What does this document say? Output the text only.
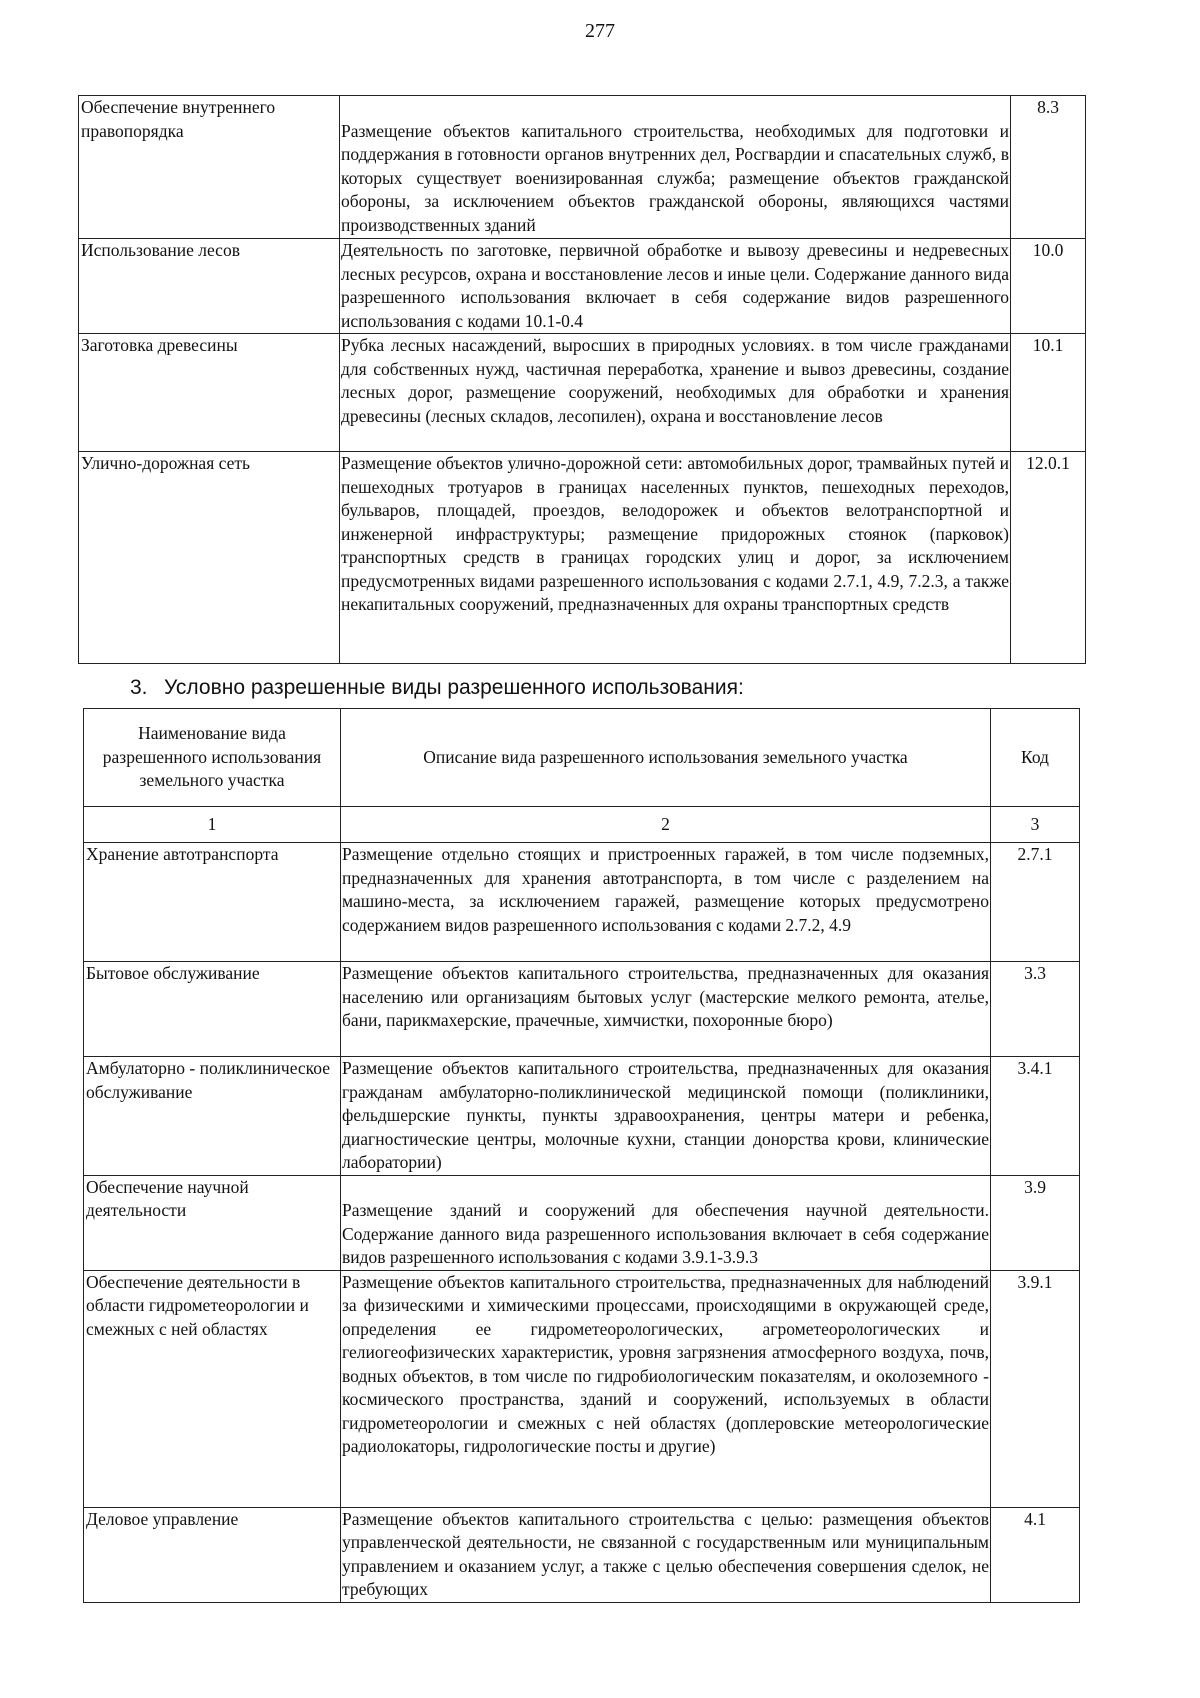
277
Обеспечение внутреннего правопорядка	Размещение объектов капитального строительства, необходимых для подготовки и поддержания в готовности органов внутренних дел, Росгвардии и спасательных служб, в которых существует военизированная служба; размещение объектов гражданской обороны, за исключением объектов гражданской обороны, являющихся частями производственных зданий	8.3
Использование лесов	Деятельность по заготовке, первичной обработке и вывозу древесины и недревесных лесных ресурсов, охрана и восстановление лесов и иные цели. Содержание данного вида разрешенного использования включает в себя содержание видов разрешенного использования с кодами 10.1-0.4	10.0
Заготовка древесины	Рубка лесных насаждений, выросших в природных условиях. в том числе гражданами для собственных нужд, частичная переработка, хранение и вывоз древесины, создание лесных дорог, размещение сооружений, необходимых для обработки и хранения древесины (лесных складов, лесопилен), охрана и восстановление лесов	10.1
Улично-дорожная сеть	Размещение объектов улично-дорожной сети: автомобильных дорог, трамвайных путей и пешеходных тротуаров в границах населенных пунктов, пешеходных переходов, бульваров, площадей, проездов, велодорожек и объектов велотранспортной и инженерной инфраструктуры; размещение придорожных стоянок (парковок) транспортных средств в границах городских улиц и дорог, за исключением предусмотренных видами разрешенного использования с кодами 2.7.1, 4.9, 7.2.3, а также некапитальных сооружений, предназначенных для охраны транспортных средств	12.0.1
3. Условно разрешенные виды разрешенного использования:
Наименование вида разрешенного использования земельного участка	Описание вида разрешенного использования земельного участка	Код
1	2	3
Хранение автотранспорта	Размещение отдельно стоящих и пристроенных гаражей, в том числе подземных, предназначенных для хранения автотранспорта, в том числе с разделением на машино-места, за исключением гаражей, размещение которых предусмотрено содержанием видов разрешенного использования с кодами 2.7.2, 4.9	2.7.1
Бытовое обслуживание	Размещение объектов капитального строительства, предназначенных для оказания населению или организациям бытовых услуг (мастерские мелкого ремонта, ателье, бани, парикмахерские, прачечные, химчистки, похоронные бюро)	3.3
Амбулаторно - поликлиническое обслуживание	Размещение объектов капитального строительства, предназначенных для оказания гражданам амбулаторно-поликлинической медицинской помощи (поликлиники, фельдшерские пункты, пункты здравоохранения, центры матери и ребенка, диагностические центры, молочные кухни, станции донорства крови, клинические лаборатории)	3.4.1
Обеспечение научной деятельности	Размещение зданий и сооружений для обеспечения научной деятельности. Содержание данного вида разрешенного использования включает в себя содержание видов разрешенного использования с кодами 3.9.1-3.9.3	3.9
Обеспечение деятельности в области гидрометеорологии и смежных с ней областях	Размещение объектов капитального строительства, предназначенных для наблюдений за физическими и химическими процессами, происходящими в окружающей среде, определения ее гидрометеорологических, агрометеорологических и гелиогеофизических характеристик, уровня загрязнения атмосферного воздуха, почв, водных объектов, в том числе по гидробиологическим показателям, и околоземного - космического пространства, зданий и сооружений, используемых в области гидрометеорологии и смежных с ней областях (доплеровские метеорологические радиолокаторы, гидрологические посты и другие)	3.9.1
Деловое управление	Размещение объектов капитального строительства с целью: размещения объектов управленческой деятельности, не связанной с государственным или муниципальным управлением и оказанием услуг, а также с целью обеспечения совершения сделок, не требующих	4.1
